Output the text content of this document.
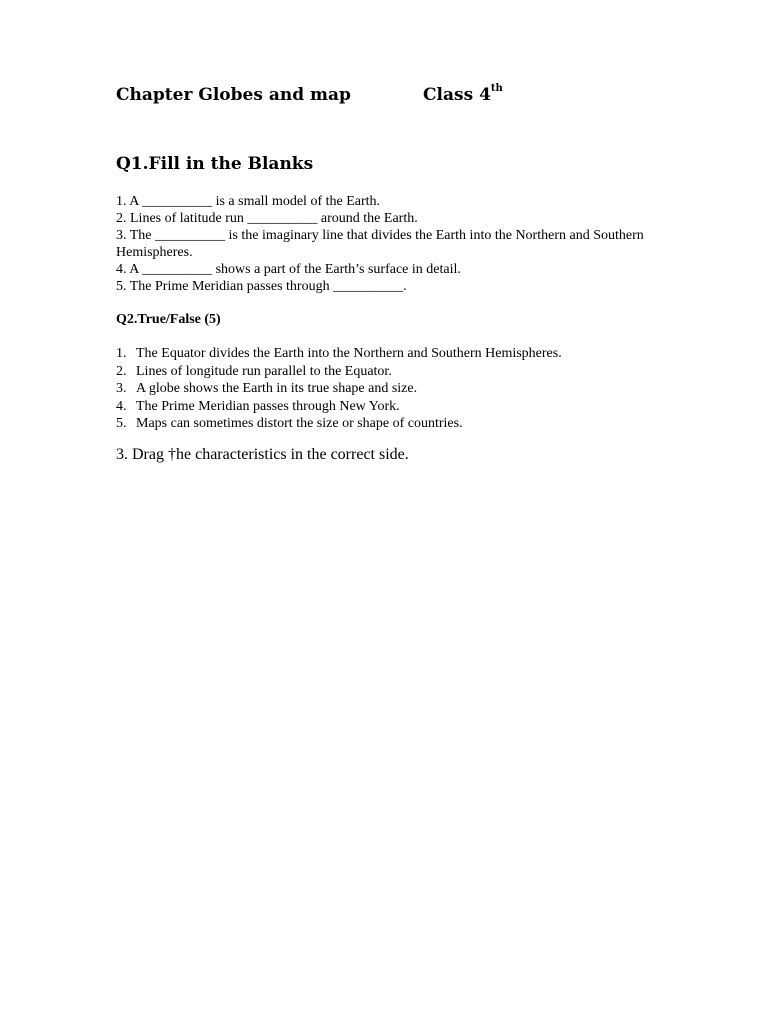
Chapter Globes and map	Class 4th
Q1.Fill in the Blanks
1. A __________ is a small model of the Earth.
2. Lines of latitude run __________ around the Earth.
3. The __________ is the imaginary line that divides the Earth into the Northern and Southern Hemispheres.
4. A __________ shows a part of the Earth’s surface in detail.
5. The Prime Meridian passes through __________.
Q2.True/False (5)
1. The Equator divides the Earth into the Northern and Southern Hemispheres.
2. Lines of longitude run parallel to the Equator.
3. A globe shows the Earth in its true shape and size.
4. The Prime Meridian passes through New York.
5. Maps can sometimes distort the size or shape of countries.
3. Drag †he characteristics in the correct side.
